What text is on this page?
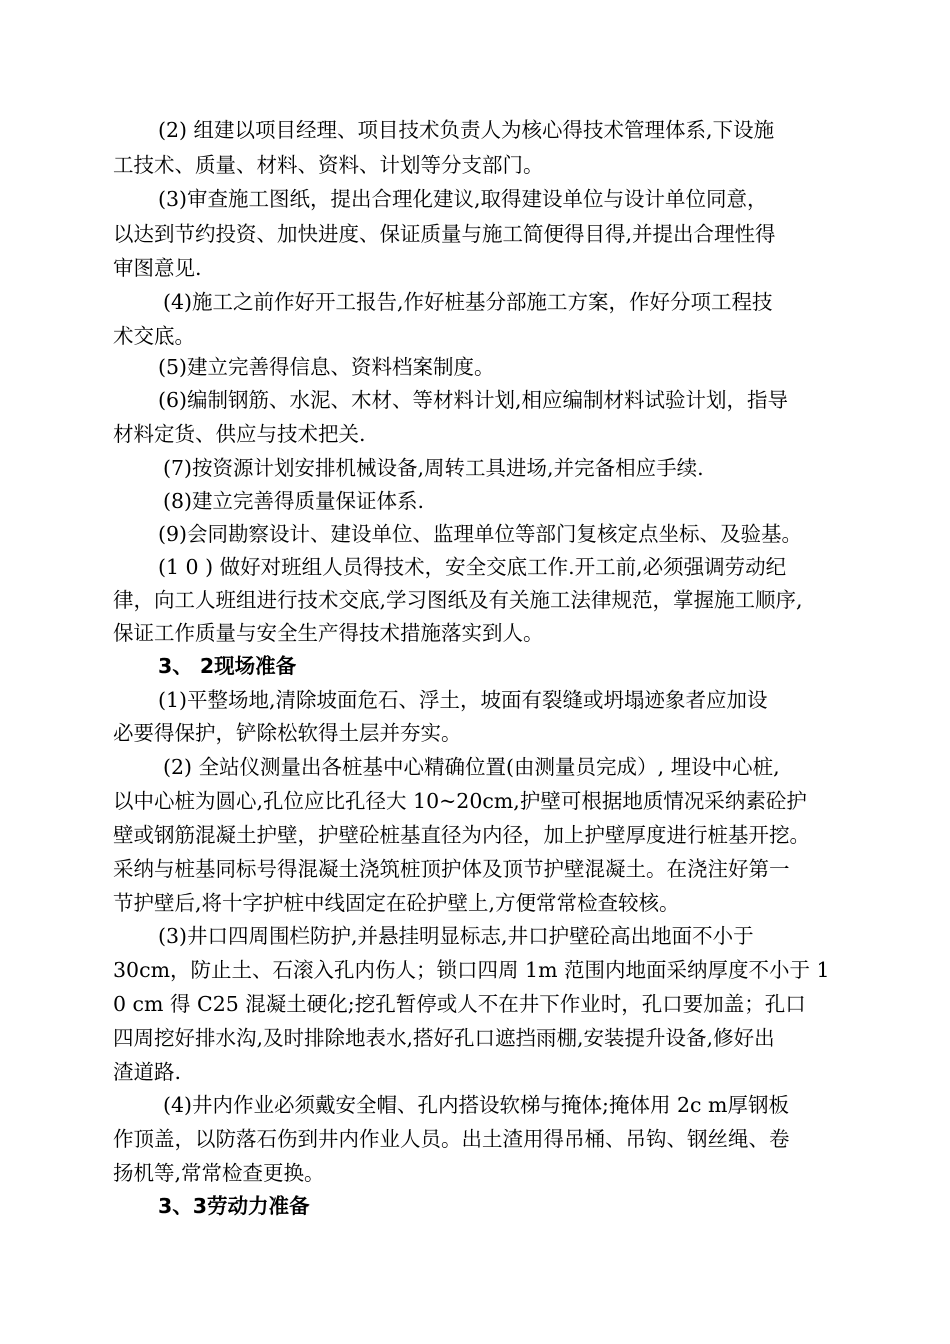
(2) 组建以项目经理、项目技术负责人为核心得技术管理体系,下设施
工技术、质量、材料、资料、计划等分支部门。
(3)审查施工图纸，提出合理化建议,取得建设单位与设计单位同意，
以达到节约投资、加快进度、保证质量与施工简便得目得,并提出合理性得
审图意见.
(4)施工之前作好开工报告,作好桩基分部施工方案，作好分项工程技
术交底。
(5)建立完善得信息、资料档案制度。
(6)编制钢筋、水泥、木材、等材料计划,相应编制材料试验计划，指导
材料定货、供应与技术把关.
(7)按资源计划安排机械设备,周转工具进场,并完备相应手续.
(8)建立完善得质量保证体系.
(9)会同勘察设计、建设单位、监理单位等部门复核定点坐标、及验基。
(1 0 ) 做好对班组人员得技术，安全交底工作.开工前,必须强调劳动纪
律，向工人班组进行技术交底,学习图纸及有关施工法律规范，掌握施工顺序,
保证工作质量与安全生产得技术措施落实到人。
3、 2现场准备
(1)平整场地,清除坡面危石、浮土，坡面有裂缝或坍塌迹象者应加设
必要得保护，铲除松软得土层并夯实。
(2) 全站仪测量出各桩基中心精确位置(由测量员完成）, 埋设中心桩,
以中心桩为圆心,孔位应比孔径大 10~20cm,护壁可根据地质情况采纳素砼护
壁或钢筋混凝土护壁，护壁砼桩基直径为内径，加上护壁厚度进行桩基开挖。
采纳与桩基同标号得混凝土浇筑桩顶护体及顶节护壁混凝土。在浇注好第一
节护壁后,将十字护桩中线固定在砼护壁上,方便常常检查较核。
(3)井口四周围栏防护,并悬挂明显标志,井口护壁砼高出地面不小于
30cm，防止土、石滚入孔内伤人；锁口四周 1m 范围内地面采纳厚度不小于 1
0 cm 得 C25 混凝土硬化;挖孔暂停或人不在井下作业时，孔口要加盖；孔口
四周挖好排水沟,及时排除地表水,搭好孔口遮挡雨棚,安装提升设备,修好出
渣道路.
(4)井内作业必须戴安全帽、孔内搭设软梯与掩体;掩体用 2c m厚钢板
作顶盖，以防落石伤到井内作业人员。出土渣用得吊桶、吊钩、钢丝绳、卷
扬机等,常常检查更换。
3、3劳动力准备
